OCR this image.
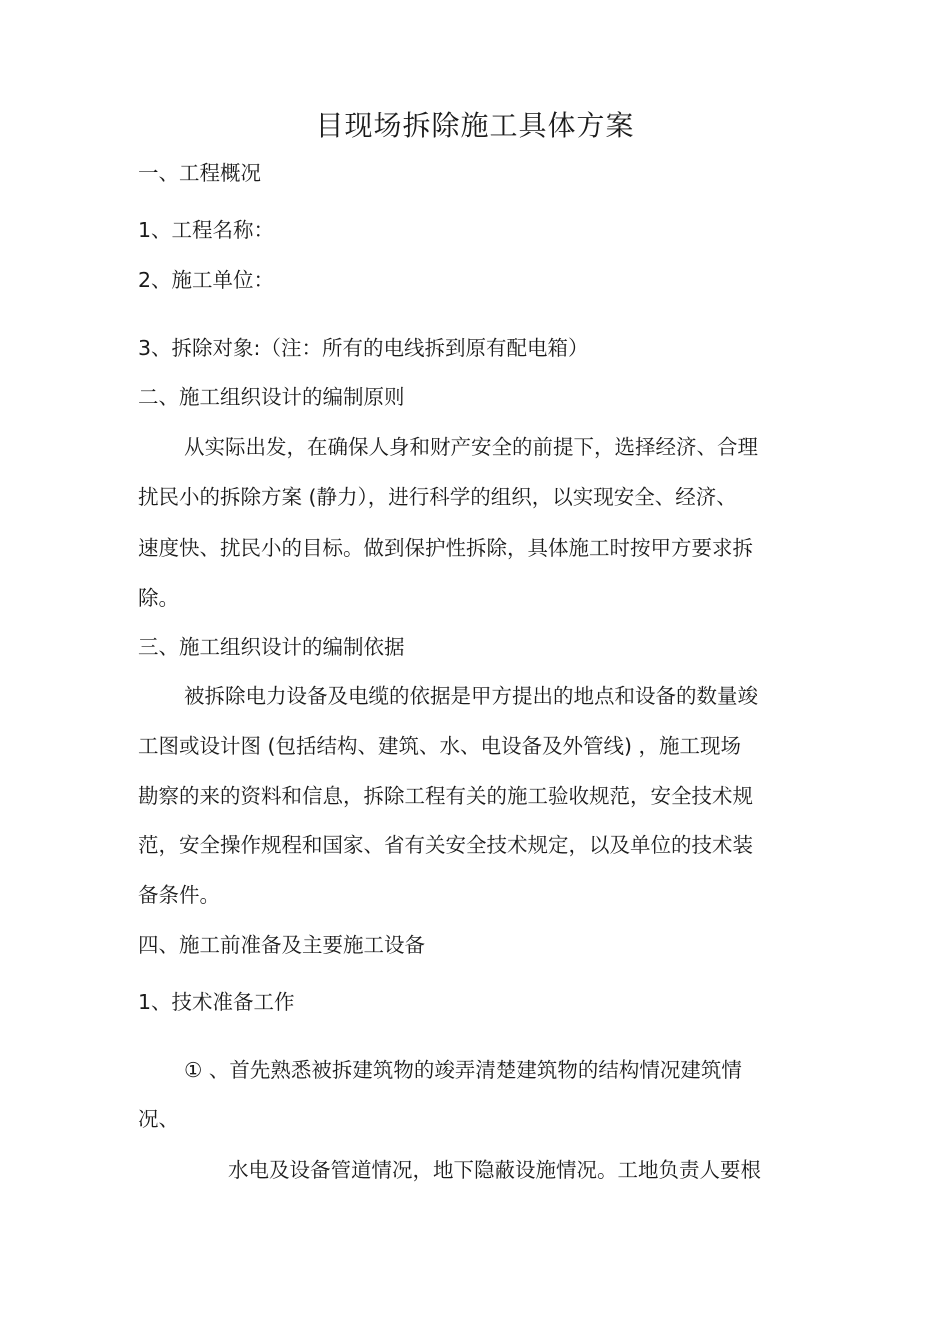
目现场拆除施工具体方案
一、工程概况
1、工程名称：
2、施工单位：
3、拆除对象:（注：所有的电线拆到原有配电箱）
二、施工组织设计的编制原则
从实际出发，在确保人身和财产安全的前提下，选择经济、合理
扰民小的拆除方案 (静力），进行科学的组织，以实现安全、经济、
速度快、扰民小的目标。做到保护性拆除，具体施工时按甲方要求拆
除。
三、施工组织设计的编制依据
被拆除电力设备及电缆的依据是甲方提出的地点和设备的数量竣
工图或设计图 (包括结构、建筑、水、电设备及外管线) ，施工现场
勘察的来的资料和信息，拆除工程有关的施工验收规范，安全技术规
范，安全操作规程和国家、省有关安全技术规定，以及单位的技术装
备条件。
四、施工前准备及主要施工设备
1、技术准备工作
① 、首先熟悉被拆建筑物的竣弄清楚建筑物的结构情况建筑情
况、
水电及设备管道情况，地下隐蔽设施情况。工地负责人要根
